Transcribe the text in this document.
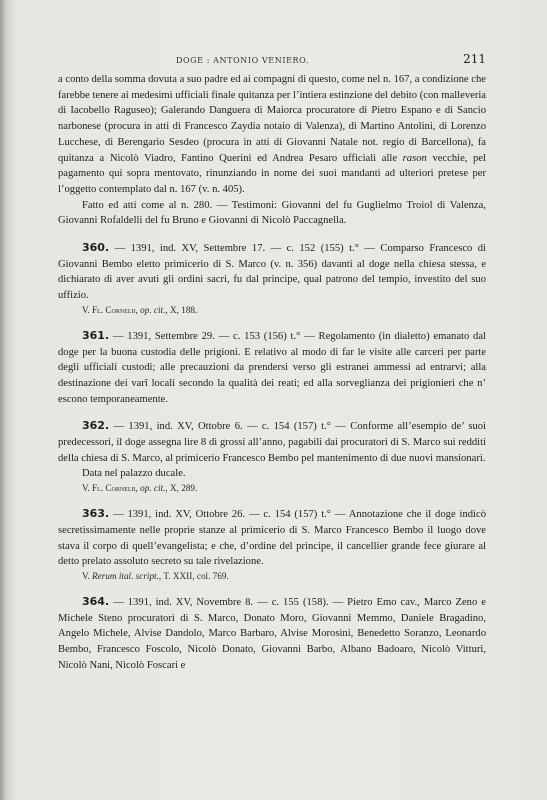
DOGE : ANTONIO VENIERO.	211

a conto della somma dovuta a suo padre ed ai compagni di questo, come nel n. 167, a condizione che farebbe tenere ai medesimi ufficiali finale quitanza per l’intiera estinzione del debito (con malleveria di Iacobello Raguseo); Galerando Danguera di Maiorca procuratore di Pietro Espano e di Sancio narbonese (procura in atti di Francesco Zaydia notaio di Valenza), di Martino Antolini, di Lorenzo Lucchese, di Berengario Sesdeo (procura in atti di Giovanni Natale not. regio di Barcellona), fa quitanza a Nicolò Viadro, Fantino Querini ed Andrea Pesaro ufficiali alle rason vecchie, pel pagamento qui sopra mentovato, rinunziando in nome dei suoi mandanti ad ulteriori pretese per l’oggetto contemplato dal n. 167 (v. n. 405).

Fatto ed atti come al n. 280. — Testimoni: Giovanni del fu Guglielmo Troiol di Valenza, Giovanni Rofaldelli del fu Bruno e Giovanni di Nicolò Paccagnella.

360. — 1391, ind. XV, Settembre 17. — c. 152 (155) t.° — Comparso Francesco di Giovanni Bembo eletto primicerio di S. Marco (v. n. 356) davanti al doge nella chiesa stessa, e dichiarato di aver avuti gli ordini sacri, fu dal principe, qual patrono del tempio, investito del suo uffizio.

V. Fl. Cornelii, op. cit., X, 188.

361. — 1391, Settembre 29. — c. 153 (156) t.° — Regolamento (in dialetto) emanato dal doge per la buona custodia delle prigioni. E relativo al modo di far le visite alle carceri per parte degli ufficiali custodi; alle precauzioni da prendersi verso gli estranei ammessi ad entrarvi; alla destinazione dei varî locali secondo la qualità dei reati; ed alla sorveglianza dei prigionieri che n’ escono temporaneamente.

362. — 1391, ind. XV, Ottobre 6. — c. 154 (157) t.° — Conforme all’esempio de’ suoi predecessori, il doge assegna lire 8 di grossi all’anno, pagabili dai procuratori di S. Marco sui redditi della chiesa di S. Marco, al primicerio Francesco Bembo pel mantenimento di due nuovi mansionari.

Data nel palazzo ducale.

V. Fl. Cornelii, op. cit., X, 289.

363. — 1391, ind. XV, Ottobre 26. — c. 154 (157) t.° — Annotazione che il doge indicò secretissimamente nelle proprie stanze al primicerio di S. Marco Francesco Bembo il luogo dove stava il corpo di quell’evangelista; e che, d’ordine del principe, il cancellier grande fece giurare al detto prelato assoluto secreto su tale rivelazione.

V. Rerum ital. script., T. XXII, col. 769.

364. — 1391, ind. XV, Novembre 8. — c. 155 (158). — Pietro Emo cav., Marco Zeno e Michele Steno procuratori di S. Marco, Donato Moro, Giovanni Memmo, Daniele Bragadino, Angelo Michele, Alvise Dandolo, Marco Barbaro, Alvise Morosini, Benedetto Soranzo, Leonardo Bembo, Francesco Foscolo, Nicolò Donato, Giovanni Barbo, Albano Badoaro, Nicolò Vitturi, Nicolò Nani, Nicolò Foscari e
